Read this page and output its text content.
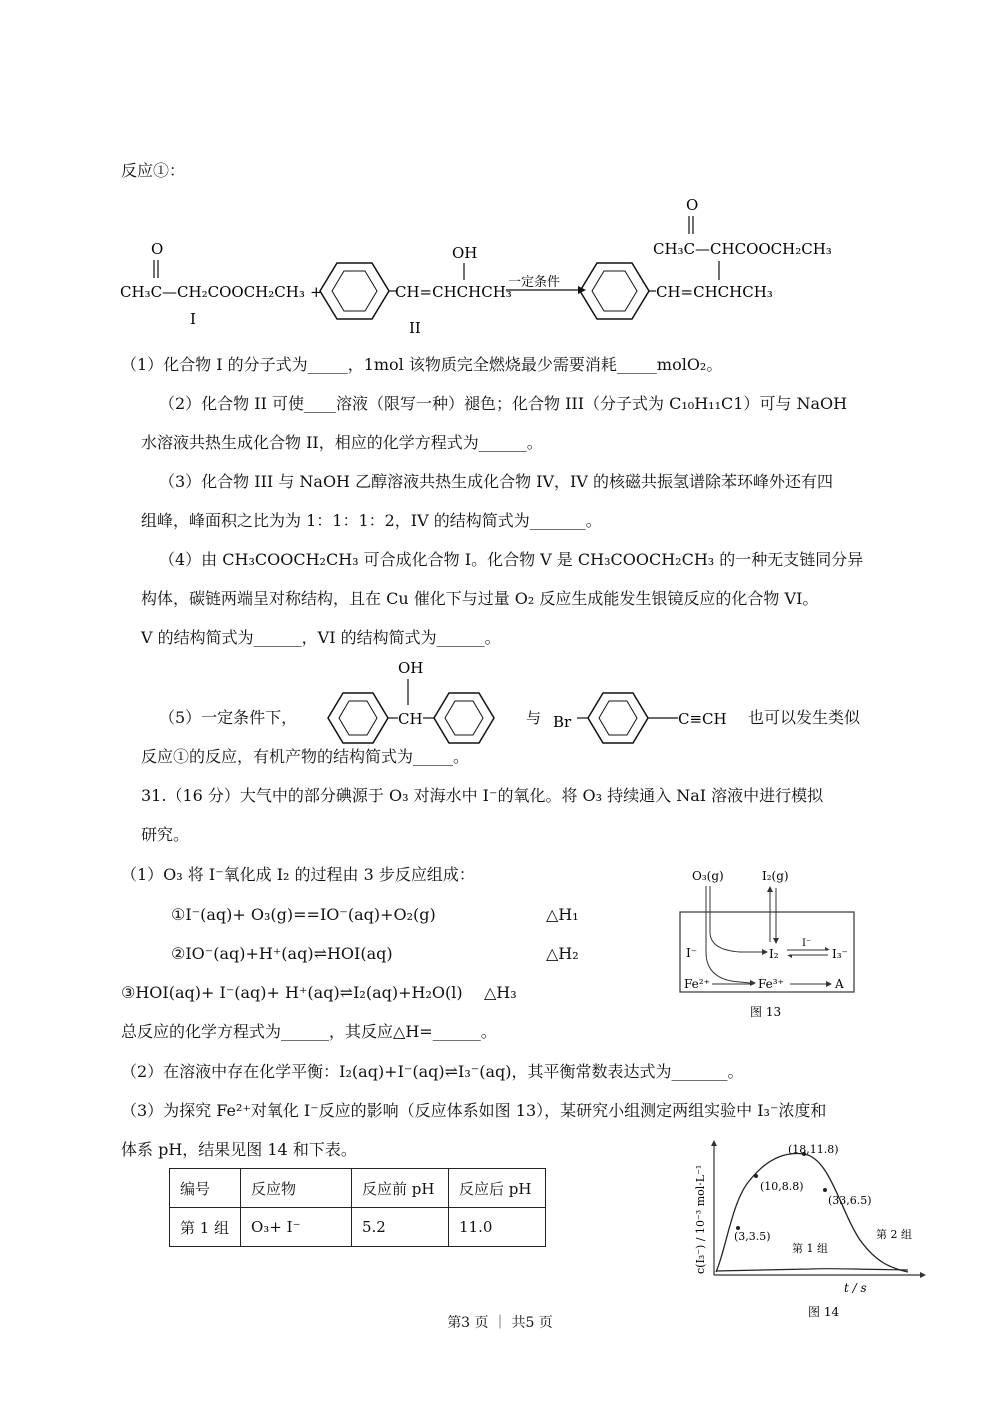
反应①：
O
CH₃C—CH₂COOCH₂CH₃ +
I
OH
CH=CHCHCH₃
II
一定条件
O
CH₃C—CHCOOCH₂CH₃
CH=CHCHCH₃
（1）化合物 I 的分子式为_____，1mol 该物质完全燃烧最少需要消耗_____molO₂。
（2）化合物 II 可使____溶液（限写一种）褪色；化合物 III（分子式为 C₁₀H₁₁C1）可与 NaOH
水溶液共热生成化合物 II，相应的化学方程式为______。
（3）化合物 III 与 NaOH 乙醇溶液共热生成化合物 IV，IV 的核磁共振氢谱除苯环峰外还有四
组峰，峰面积之比为为 1：1：1：2，IV 的结构简式为_______。
（4）由 CH₃COOCH₂CH₃ 可合成化合物 I。化合物 V 是 CH₃COOCH₂CH₃ 的一种无支链同分异
构体，碳链两端呈对称结构，且在 Cu 催化下与过量 O₂ 反应生成能发生银镜反应的化合物 VI。
V 的结构简式为______，VI 的结构简式为______。
（5）一定条件下，
OH
CH	与 Br	C≡CH 也可以发生类似
反应①的反应，有机产物的结构简式为_____。
31.（16 分）大气中的部分碘源于 O₃ 对海水中 I⁻的氧化。将 O₃ 持续通入 NaI 溶液中进行模拟
研究。
（1）O₃ 将 I⁻氧化成 I₂ 的过程由 3 步反应组成：
①I⁻(aq)+ O₃(g)==IO⁻(aq)+O₂(g)	△H₁
②IO⁻(aq)+H⁺(aq)⇌HOI(aq)	△H₂
③HOI(aq)+ I⁻(aq)+ H⁺(aq)⇌I₂(aq)+H₂O(l) △H₃
总反应的化学方程式为______，其反应△H=______。
（2）在溶液中存在化学平衡：I₂(aq)+I⁻(aq)⇌I₃⁻(aq)，其平衡常数表达式为_______。
（3）为探究 Fe²⁺对氧化 I⁻反应的影响（反应体系如图 13），某研究小组测定两组实验中 I₃⁻浓度和
体系 pH，结果见图 14 和下表。
O₃(g)	I₂(g)
I⁻	I₂
I⁻
I₃⁻
Fe²⁺	Fe³⁺	A
图 13
c(I₃⁻) / 10⁻³ mol·L⁻¹
(18,11.8)
(10,8.8)
(33,6.5)
(3,3.5)
第 1 组
第 2 组
t / s
图 14
编号	反应物	反应前 pH	反应后 pH
第 1 组	O₃+ I⁻	5.2	11.0
第3 页 ｜ 共5 页
